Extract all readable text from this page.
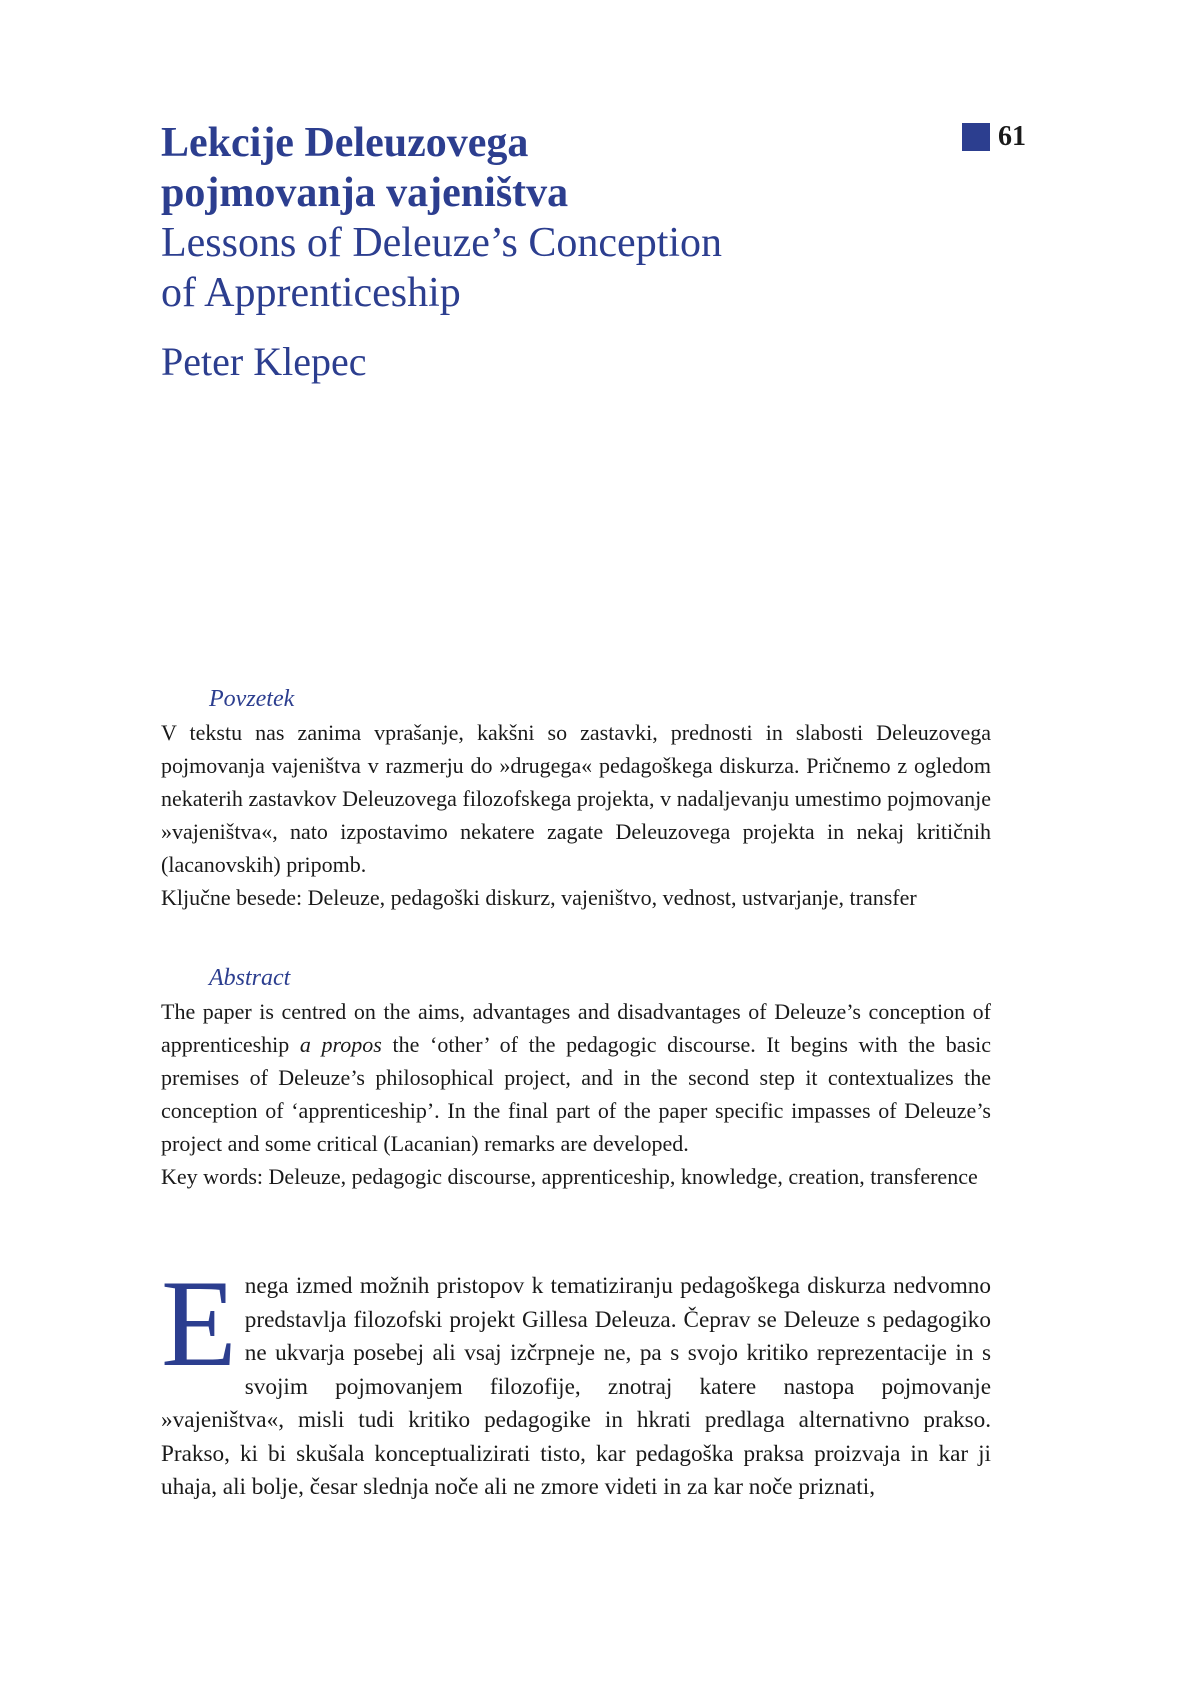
61
Lekcije Deleuzovega
pojmovanja vajeništva
Lessons of Deleuze’s Conception
of Apprenticeship
Peter Klepec

Povzetek

V tekstu nas zanima vprašanje, kakšni so zastavki, prednosti in slabosti Deleuzovega pojmovanja vajeništva v razmerju do »drugega« pedagoškega diskurza. Pričnemo z ogledom nekaterih zastavkov Deleuzovega filozofskega projekta, v nadaljevanju umestimo pojmovanje »vajeništva«, nato izpostavimo nekatere zagate Deleuzovega projekta in nekaj kritičnih (lacanovskih) pripomb.

Ključne besede: Deleuze, pedagoški diskurz, vajeništvo, vednost, ustvarjanje, transfer

Abstract

The paper is centred on the aims, advantages and disadvantages of Deleuze’s conception of apprenticeship a propos the ‘other’ of the pedagogic discourse. It begins with the basic premises of Deleuze’s philosophical project, and in the second step it contextualizes the conception of ‘apprenticeship’. In the final part of the paper specific impasses of Deleuze’s project and some critical (Lacanian) remarks are developed.

Key words: Deleuze, pedagogic discourse, apprenticeship, knowledge, creation, transference

Enega izmed možnih pristopov k tematiziranju pedagoškega diskurza nedvomno predstavlja filozofski projekt Gillesa Deleuza. Čeprav se Deleuze s pedagogiko ne ukvarja posebej ali vsaj izčrpneje ne, pa s svojo kritiko reprezentacije in s svojim pojmovanjem filozofije, znotraj katere nastopa pojmovanje »vajeništva«, misli tudi kritiko pedagogike in hkrati predlaga alternativno prakso. Prakso, ki bi skušala konceptualizirati tisto, kar pedagoška praksa proizvaja in kar ji uhaja, ali bolje, česar slednja noče ali ne zmore videti in za kar noče priznati,
